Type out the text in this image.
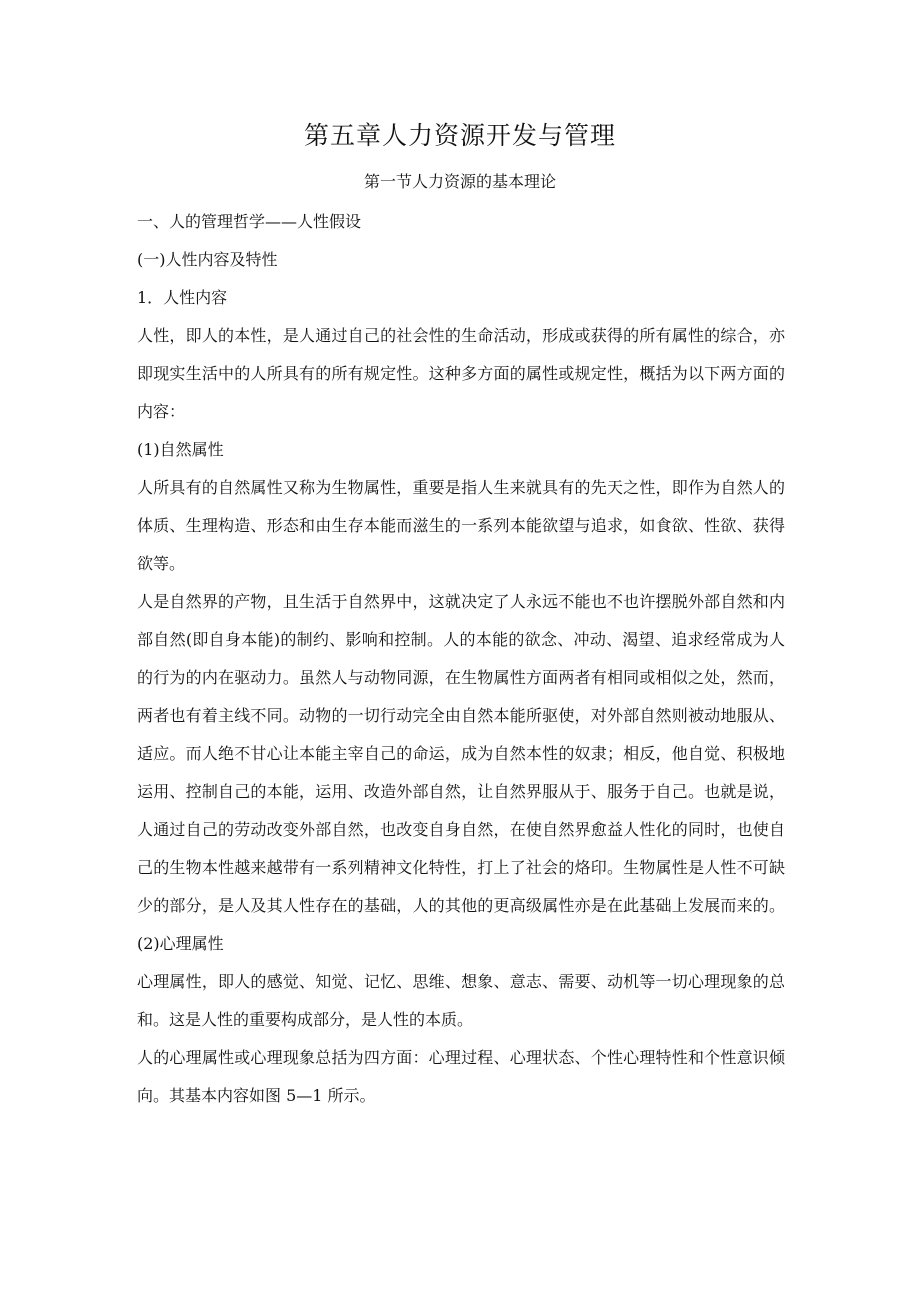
第五章人力资源开发与管理
第一节人力资源的基本理论
一、人的管理哲学——人性假设
(一)人性内容及特性
1．人性内容
人性，即人的本性，是人通过自己的社会性的生命活动，形成或获得的所有属性的综合，亦
即现实生活中的人所具有的所有规定性。这种多方面的属性或规定性，概括为以下两方面的
内容：
(1)自然属性
人所具有的自然属性又称为生物属性，重要是指人生来就具有的先天之性，即作为自然人的
体质、生理构造、形态和由生存本能而滋生的一系列本能欲望与追求，如食欲、性欲、获得
欲等。
人是自然界的产物，且生活于自然界中，这就决定了人永远不能也不也许摆脱外部自然和内
部自然(即自身本能)的制约、影响和控制。人的本能的欲念、冲动、渴望、追求经常成为人
的行为的内在驱动力。虽然人与动物同源，在生物属性方面两者有相同或相似之处，然而，
两者也有着主线不同。动物的一切行动完全由自然本能所驱使，对外部自然则被动地服从、
适应。而人绝不甘心让本能主宰自己的命运，成为自然本性的奴隶；相反，他自觉、积极地
运用、控制自己的本能，运用、改造外部自然，让自然界服从于、服务于自己。也就是说，
人通过自己的劳动改变外部自然，也改变自身自然，在使自然界愈益人性化的同时，也使自
己的生物本性越来越带有一系列精神文化特性，打上了社会的烙印。生物属性是人性不可缺
少的部分，是人及其人性存在的基础，人的其他的更高级属性亦是在此基础上发展而来的。
(2)心理属性
心理属性，即人的感觉、知觉、记忆、思维、想象、意志、需要、动机等一切心理现象的总
和。这是人性的重要构成部分，是人性的本质。
人的心理属性或心理现象总括为四方面：心理过程、心理状态、个性心理特性和个性意识倾
向。其基本内容如图 5—1 所示。
